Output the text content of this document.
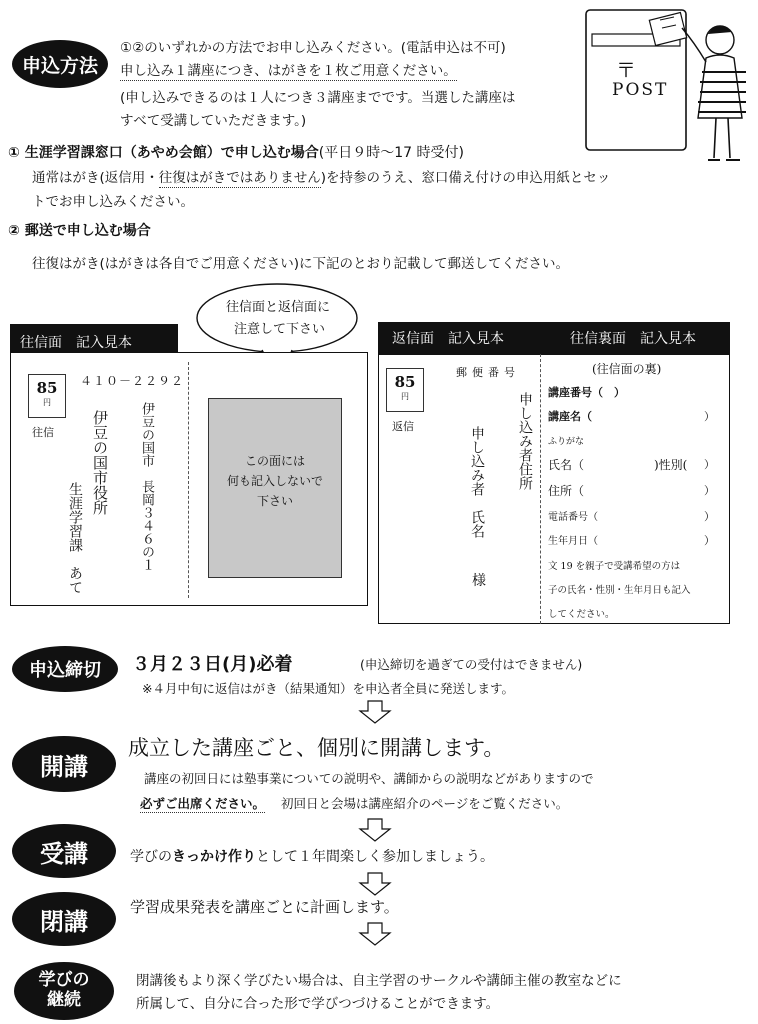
申込方法
①②のいずれかの方法でお申し込みください。(電話申込は不可)
申し込み１講座につき、はがきを１枚ご用意ください。
(申し込みできるのは１人につき３講座までです。当選した講座は
すべて受講していただきます。)
〒
POST
① 生涯学習課窓口（あやめ会館）で申し込む場合(平日９時～17 時受付)
通常はがき(返信用・往復はがきではありません)を持参のうえ、窓口備え付けの申込用紙とセッ
トでお申し込みください。
② 郵送で申し込む場合
往復はがき(はがきは各自でご用意ください)に下記のとおり記載して郵送してください。
往信面と返信面に
注意して下さい
往信面　記入見本
85
円
往信
４１０－２２９２
伊豆の国市　長岡３４６の１
伊豆の国市役所
生涯学習課　あて
この面には
何も記入しないで
下さい
返信面　記入見本	往信裏面　記入見本
85
円
返信
郵便番号
申し込み者住所
申し込み者　氏名
様
(往信面の裏)
講座番号（　）
講座名（	）
ふりがな
氏名（	)性別( ）
住所（	）
電話番号（	）
生年月日（	）
文 19 を親子で受講希望の方は
子の氏名・性別・生年月日も記入
してください。
申込締切 ３月２３日(月)必着	(申込締切を過ぎての受付はできません)
※４月中旬に返信はがき（結果通知）を申込者全員に発送します。
開講
成立した講座ごと、個別に開講します。
講座の初回日には塾事業についての説明や、講師からの説明などがありますので
必ずご出席ください。 初回日と会場は講座紹介のページをご覧ください。
受講	学びのきっかけ作りとして１年間楽しく参加しましょう。
閉講
学習成果発表を講座ごとに計画します。
学びの
継続
閉講後もより深く学びたい場合は、自主学習のサークルや講師主催の教室などに
所属して、自分に合った形で学びつづけることができます。
